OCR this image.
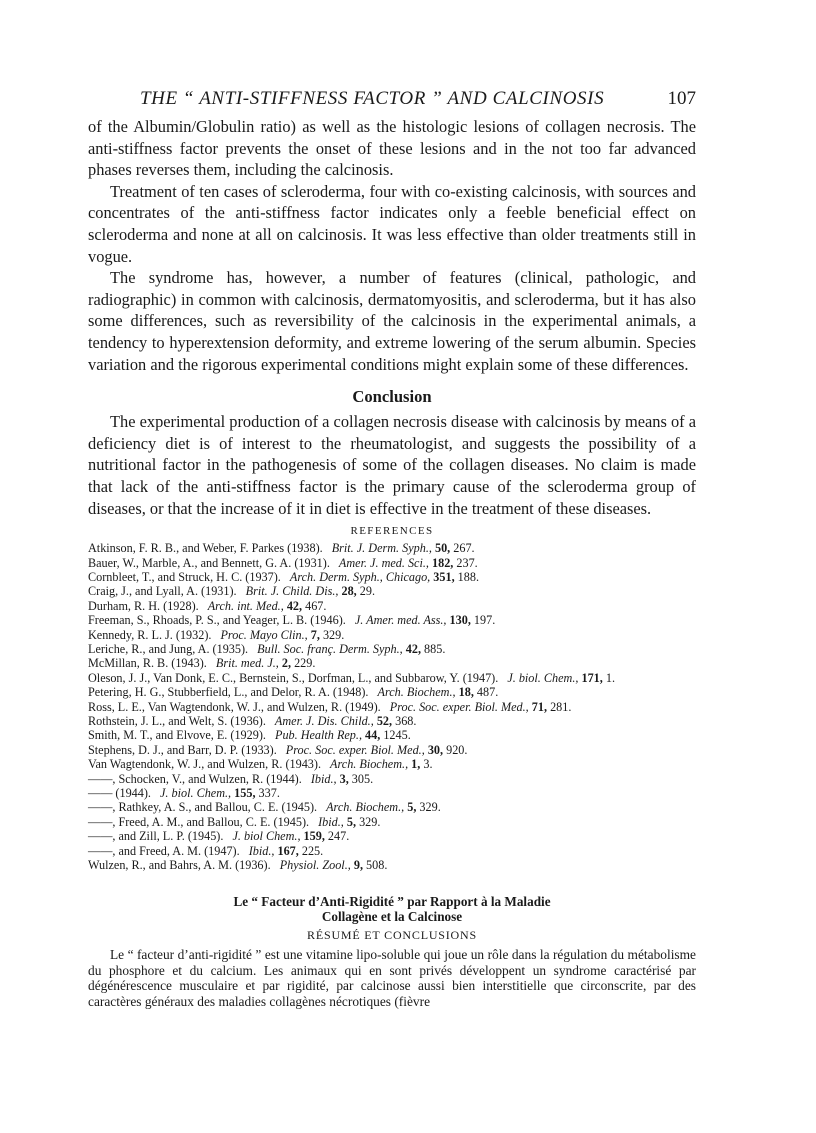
THE “ ANTI-STIFFNESS FACTOR ” AND CALCINOSIS	107

of the Albumin/Globulin ratio) as well as the histologic lesions of collagen necrosis. The anti-stiffness factor prevents the onset of these lesions and in the not too far advanced phases reverses them, including the calcinosis.

Treatment of ten cases of scleroderma, four with co-existing calcinosis, with sources and concentrates of the anti-stiffness factor indicates only a feeble beneficial effect on scleroderma and none at all on calcinosis. It was less effective than older treatments still in vogue.

The syndrome has, however, a number of features (clinical, pathologic, and radiographic) in common with calcinosis, dermatomyositis, and scleroderma, but it has also some differences, such as reversibility of the calcinosis in the experimental animals, a tendency to hyperextension deformity, and extreme lowering of the serum albumin. Species variation and the rigorous experimental conditions might explain some of these differences.

Conclusion

The experimental production of a collagen necrosis disease with calcinosis by means of a deficiency diet is of interest to the rheumatologist, and suggests the possibility of a nutritional factor in the pathogenesis of some of the collagen diseases. No claim is made that lack of the anti-stiffness factor is the primary cause of the scleroderma group of diseases, or that the increase of it in diet is effective in the treatment of these diseases.

REFERENCES
Atkinson, F. R. B., and Weber, F. Parkes (1938). Brit. J. Derm. Syph., 50, 267.
Bauer, W., Marble, A., and Bennett, G. A. (1931). Amer. J. med. Sci., 182, 237.
Cornbleet, T., and Struck, H. C. (1937). Arch. Derm. Syph., Chicago, 351, 188.
Craig, J., and Lyall, A. (1931). Brit. J. Child. Dis., 28, 29.
Durham, R. H. (1928). Arch. int. Med., 42, 467.
Freeman, S., Rhoads, P. S., and Yeager, L. B. (1946). J. Amer. med. Ass., 130, 197.
Kennedy, R. L. J. (1932). Proc. Mayo Clin., 7, 329.
Leriche, R., and Jung, A. (1935). Bull. Soc. franç. Derm. Syph., 42, 885.
McMillan, R. B. (1943). Brit. med. J., 2, 229.
Oleson, J. J., Van Donk, E. C., Bernstein, S., Dorfman, L., and Subbarow, Y. (1947). J. biol. Chem., 171, 1.
Petering, H. G., Stubberfield, L., and Delor, R. A. (1948). Arch. Biochem., 18, 487.
Ross, L. E., Van Wagtendonk, W. J., and Wulzen, R. (1949). Proc. Soc. exper. Biol. Med., 71, 281.
Rothstein, J. L., and Welt, S. (1936). Amer. J. Dis. Child., 52, 368.
Smith, M. T., and Elvove, E. (1929). Pub. Health Rep., 44, 1245.
Stephens, D. J., and Barr, D. P. (1933). Proc. Soc. exper. Biol. Med., 30, 920.
Van Wagtendonk, W. J., and Wulzen, R. (1943). Arch. Biochem., 1, 3.
——, Schocken, V., and Wulzen, R. (1944). Ibid., 3, 305.
—— (1944). J. biol. Chem., 155, 337.
——, Rathkey, A. S., and Ballou, C. E. (1945). Arch. Biochem., 5, 329.
——, Freed, A. M., and Ballou, C. E. (1945). Ibid., 5, 329.
——, and Zill, L. P. (1945). J. biol Chem., 159, 247.
——, and Freed, A. M. (1947). Ibid., 167, 225.
Wulzen, R., and Bahrs, A. M. (1936). Physiol. Zool., 9, 508.
Le “ Facteur d’Anti-Rigidité ” par Rapport à la Maladie
Collagène et la Calcinose
RÉSUMÉ ET CONCLUSIONS

Le “ facteur d’anti-rigidité ” est une vitamine lipo-soluble qui joue un rôle dans la régulation du métabolisme du phosphore et du calcium. Les animaux qui en sont privés développent un syndrome caractérisé par dégénérescence musculaire et par rigidité, par calcinose aussi bien interstitielle que circonscrite, par des caractères généraux des maladies collagènes nécrotiques (fièvre
